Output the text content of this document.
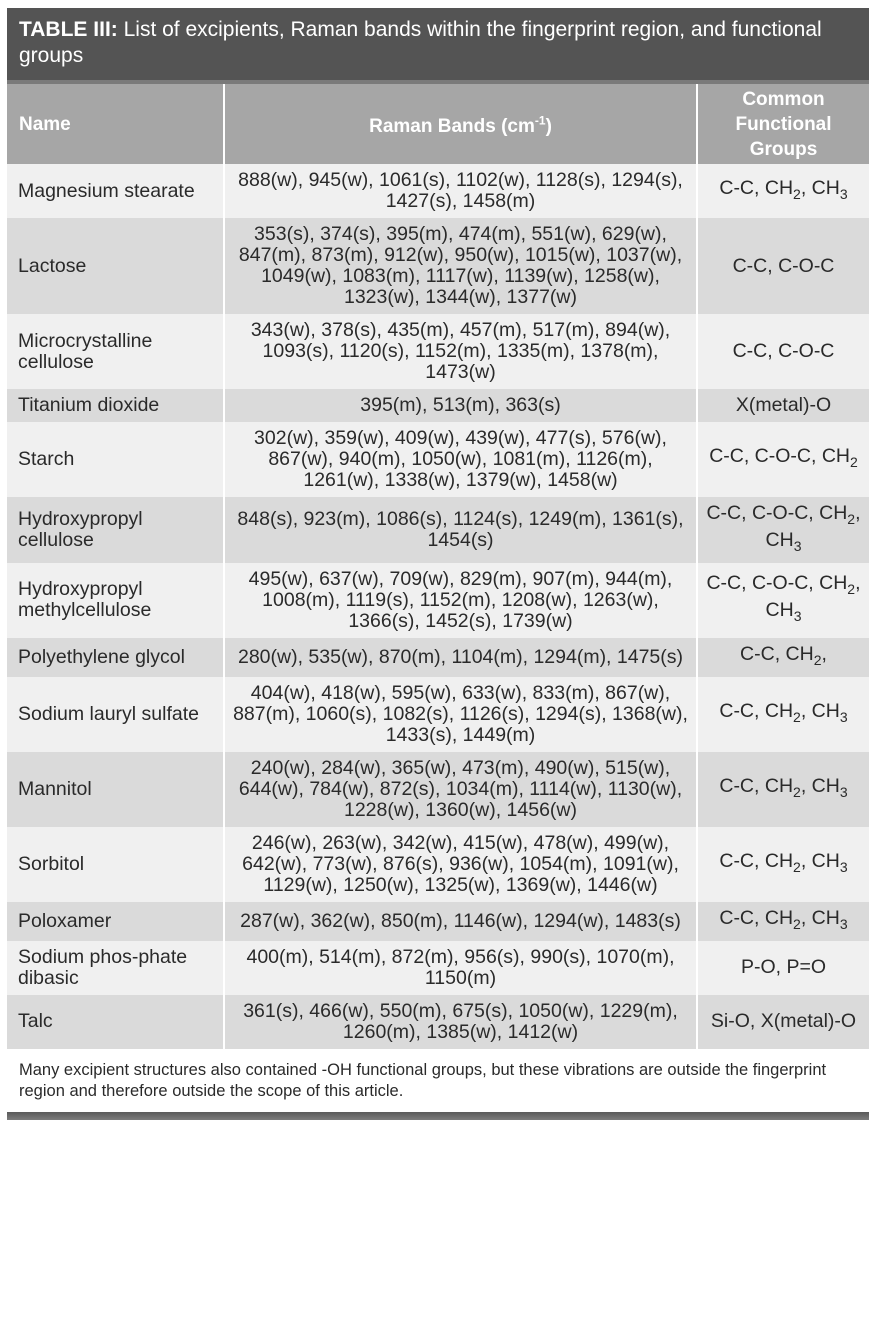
TABLE III: List of excipients, Raman bands within the fingerprint region, and functional groups
Name	Raman Bands $(cm^{-1})$	Common Functional Groups
Magnesium stearate	888(w), 945(w), 1061(s), 1102(w), 1128(s), 1294(s), 1427(s), 1458(m)	C-C, $CH_2$, $CH_3$
Lactose	353(s), 374(s), 395(m), 474(m), 551(w), 629(w), 847(m), 873(m), 912(w), 950(w), 1015(w), 1037(w), 1049(w), 1083(m), 1117(w), 1139(w), 1258(w), 1323(w), 1344(w), 1377(w)	C-C, C-O-C
Microcrystalline cellulose	343(w), 378(s), 435(m), 457(m), 517(m), 894(w), 1093(s), 1120(s), 1152(m), 1335(m), 1378(m), 1473(w)	C-C, C-O-C
Titanium dioxide	395(m), 513(m), 363(s)	X(metal)-O
Starch	302(w), 359(w), 409(w), 439(w), 477(s), 576(w), 867(w), 940(m), 1050(w), 1081(m), 1126(m), 1261(w), 1338(w), 1379(w), 1458(w)	C-C, C-O-C, $CH_2$
Hydroxypropyl cellulose	848(s), 923(m), 1086(s), 1124(s), 1249(m), 1361(s), 1454(s)	C-C, C-O-C, $CH_2$, $CH_3$
Hydroxypropyl methylcellulose	495(w), 637(w), 709(w), 829(m), 907(m), 944(m), 1008(m), 1119(s), 1152(m), 1208(w), 1263(w), 1366(s), 1452(s), 1739(w)	C-C, C-O-C, $CH_2$, $CH_3$
Polyethylene glycol	280(w), 535(w), 870(m), 1104(m), 1294(m), 1475(s)	C-C, $CH_2$,
Sodium lauryl sulfate	404(w), 418(w), 595(w), 633(w), 833(m), 867(w), 887(m), 1060(s), 1082(s), 1126(s), 1294(s), 1368(w), 1433(s), 1449(m)	C-C, $CH_2$, $CH_3$
Mannitol	240(w), 284(w), 365(w), 473(m), 490(w), 515(w), 644(w), 784(w), 872(s), 1034(m), 1114(w), 1130(w), 1228(w), 1360(w), 1456(w)	C-C, $CH_2$, $CH_3$
Sorbitol	246(w), 263(w), 342(w), 415(w), 478(w), 499(w), 642(w), 773(w), 876(s), 936(w), 1054(m), 1091(w), 1129(w), 1250(w), 1325(w), 1369(w), 1446(w)	C-C, $CH_2$, $CH_3$
Poloxamer	287(w), 362(w), 850(m), 1146(w), 1294(w), 1483(s)	C-C, $CH_2$, $CH_3$
Sodium phos-phate dibasic	400(m), 514(m), 872(m), 956(s), 990(s), 1070(m), 1150(m)	P-O, P=O
Talc	361(s), 466(w), 550(m), 675(s), 1050(w), 1229(m), 1260(m), 1385(w), 1412(w)	Si-O, X(metal)-O
Many excipient structures also contained -OH functional groups, but these vibrations are outside the fingerprint region and therefore outside the scope of this article.
